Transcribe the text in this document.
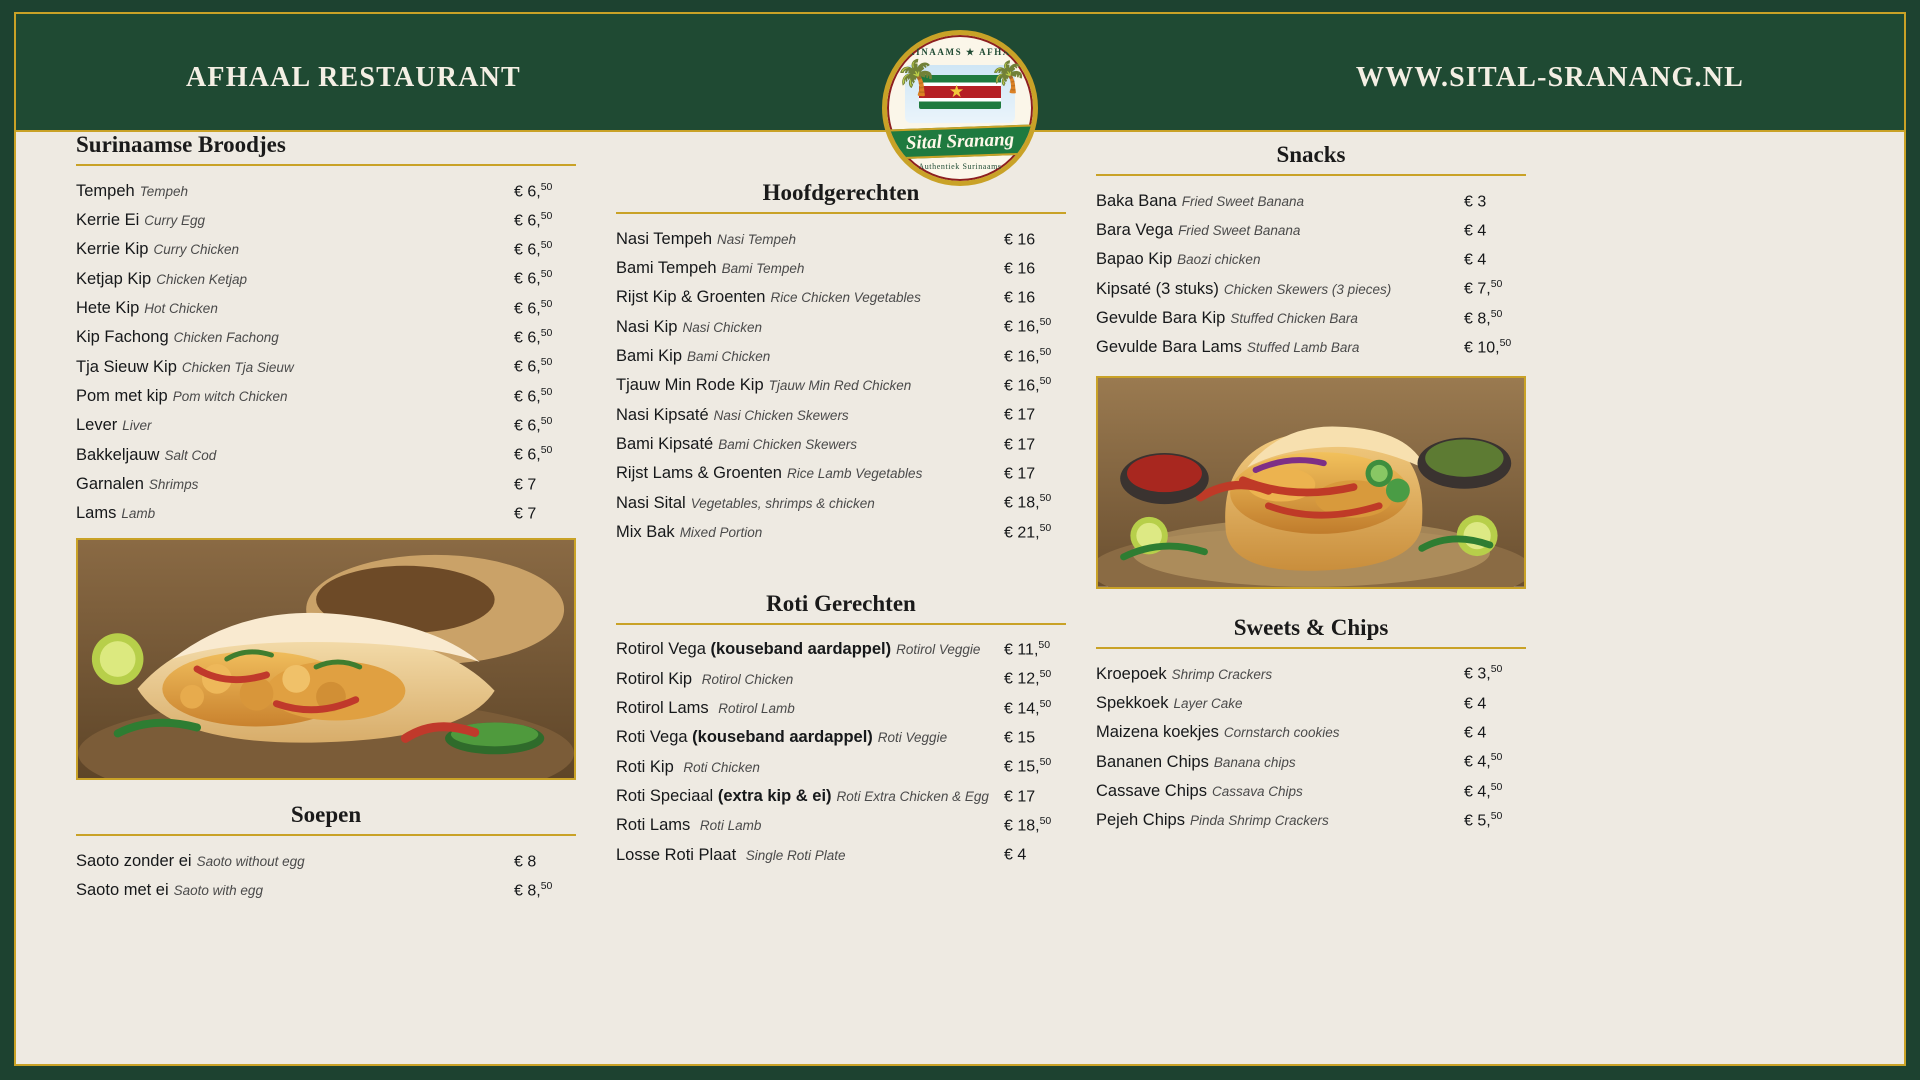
AFHAAL RESTAURANT	WWW.SITAL-SRANANG.NL
SURINAAMS ★ AFHAAL
★
🌴 🌴
Sital Sranang
Authentiek Surinaams
Surinaamse Broodjes
Tempeh Tempeh	€ 6,50
Kerrie Ei Curry Egg	€ 6,50
Kerrie Kip Curry Chicken	€ 6,50
Ketjap Kip Chicken Ketjap	€ 6,50
Hete Kip Hot Chicken	€ 6,50
Kip Fachong Chicken Fachong	€ 6,50
Tja Sieuw Kip Chicken Tja Sieuw	€ 6,50
Pom met kip Pom witch Chicken	€ 6,50
Lever Liver	€ 6,50
Bakkeljauw Salt Cod	€ 6,50
Garnalen Shrimps	€ 7
Lams Lamb	€ 7
Soepen
Saoto zonder ei Saoto without egg	€ 8
Saoto met ei Saoto with egg	€ 8,50
Hoofdgerechten
Nasi Tempeh Nasi Tempeh	€ 16
Bami Tempeh Bami Tempeh	€ 16
Rijst Kip & Groenten Rice Chicken Vegetables	€ 16
Nasi Kip Nasi Chicken	€ 16,50
Bami Kip Bami Chicken	€ 16,50
Tjauw Min Rode Kip Tjauw Min Red Chicken	€ 16,50
Nasi Kipsaté Nasi Chicken Skewers	€ 17
Bami Kipsaté Bami Chicken Skewers	€ 17
Rijst Lams & Groenten Rice Lamb Vegetables	€ 17
Nasi Sital Vegetables, shrimps & chicken	€ 18,50
Mix Bak Mixed Portion	€ 21,50
Roti Gerechten
Rotirol Vega (kouseband aardappel) Rotirol Veggie	€ 11,50
Rotirol Kip Rotirol Chicken	€ 12,50
Rotirol Lams Rotirol Lamb	€ 14,50
Roti Vega (kouseband aardappel) Roti Veggie	€ 15
Roti Kip Roti Chicken	€ 15,50
Roti Speciaal (extra kip & ei) Roti Extra Chicken & Egg € 17
Roti Lams Roti Lamb	€ 18,50
Losse Roti Plaat Single Roti Plate	€ 4
Snacks
Baka Bana Fried Sweet Banana	€ 3
Bara Vega Fried Sweet Banana	€ 4
Bapao Kip Baozi chicken	€ 4
Kipsaté (3 stuks) Chicken Skewers (3 pieces)	€ 7,50
Gevulde Bara Kip Stuffed Chicken Bara	€ 8,50
Gevulde Bara Lams Stuffed Lamb Bara	€ 10,50
Sweets & Chips
Kroepoek Shrimp Crackers	€ 3,50
Spekkoek Layer Cake	€ 4
Maizena koekjes Cornstarch cookies	€ 4
Bananen Chips Banana chips	€ 4,50
Cassave Chips Cassava Chips	€ 4,50
Pejeh Chips Pinda Shrimp Crackers	€ 5,50
